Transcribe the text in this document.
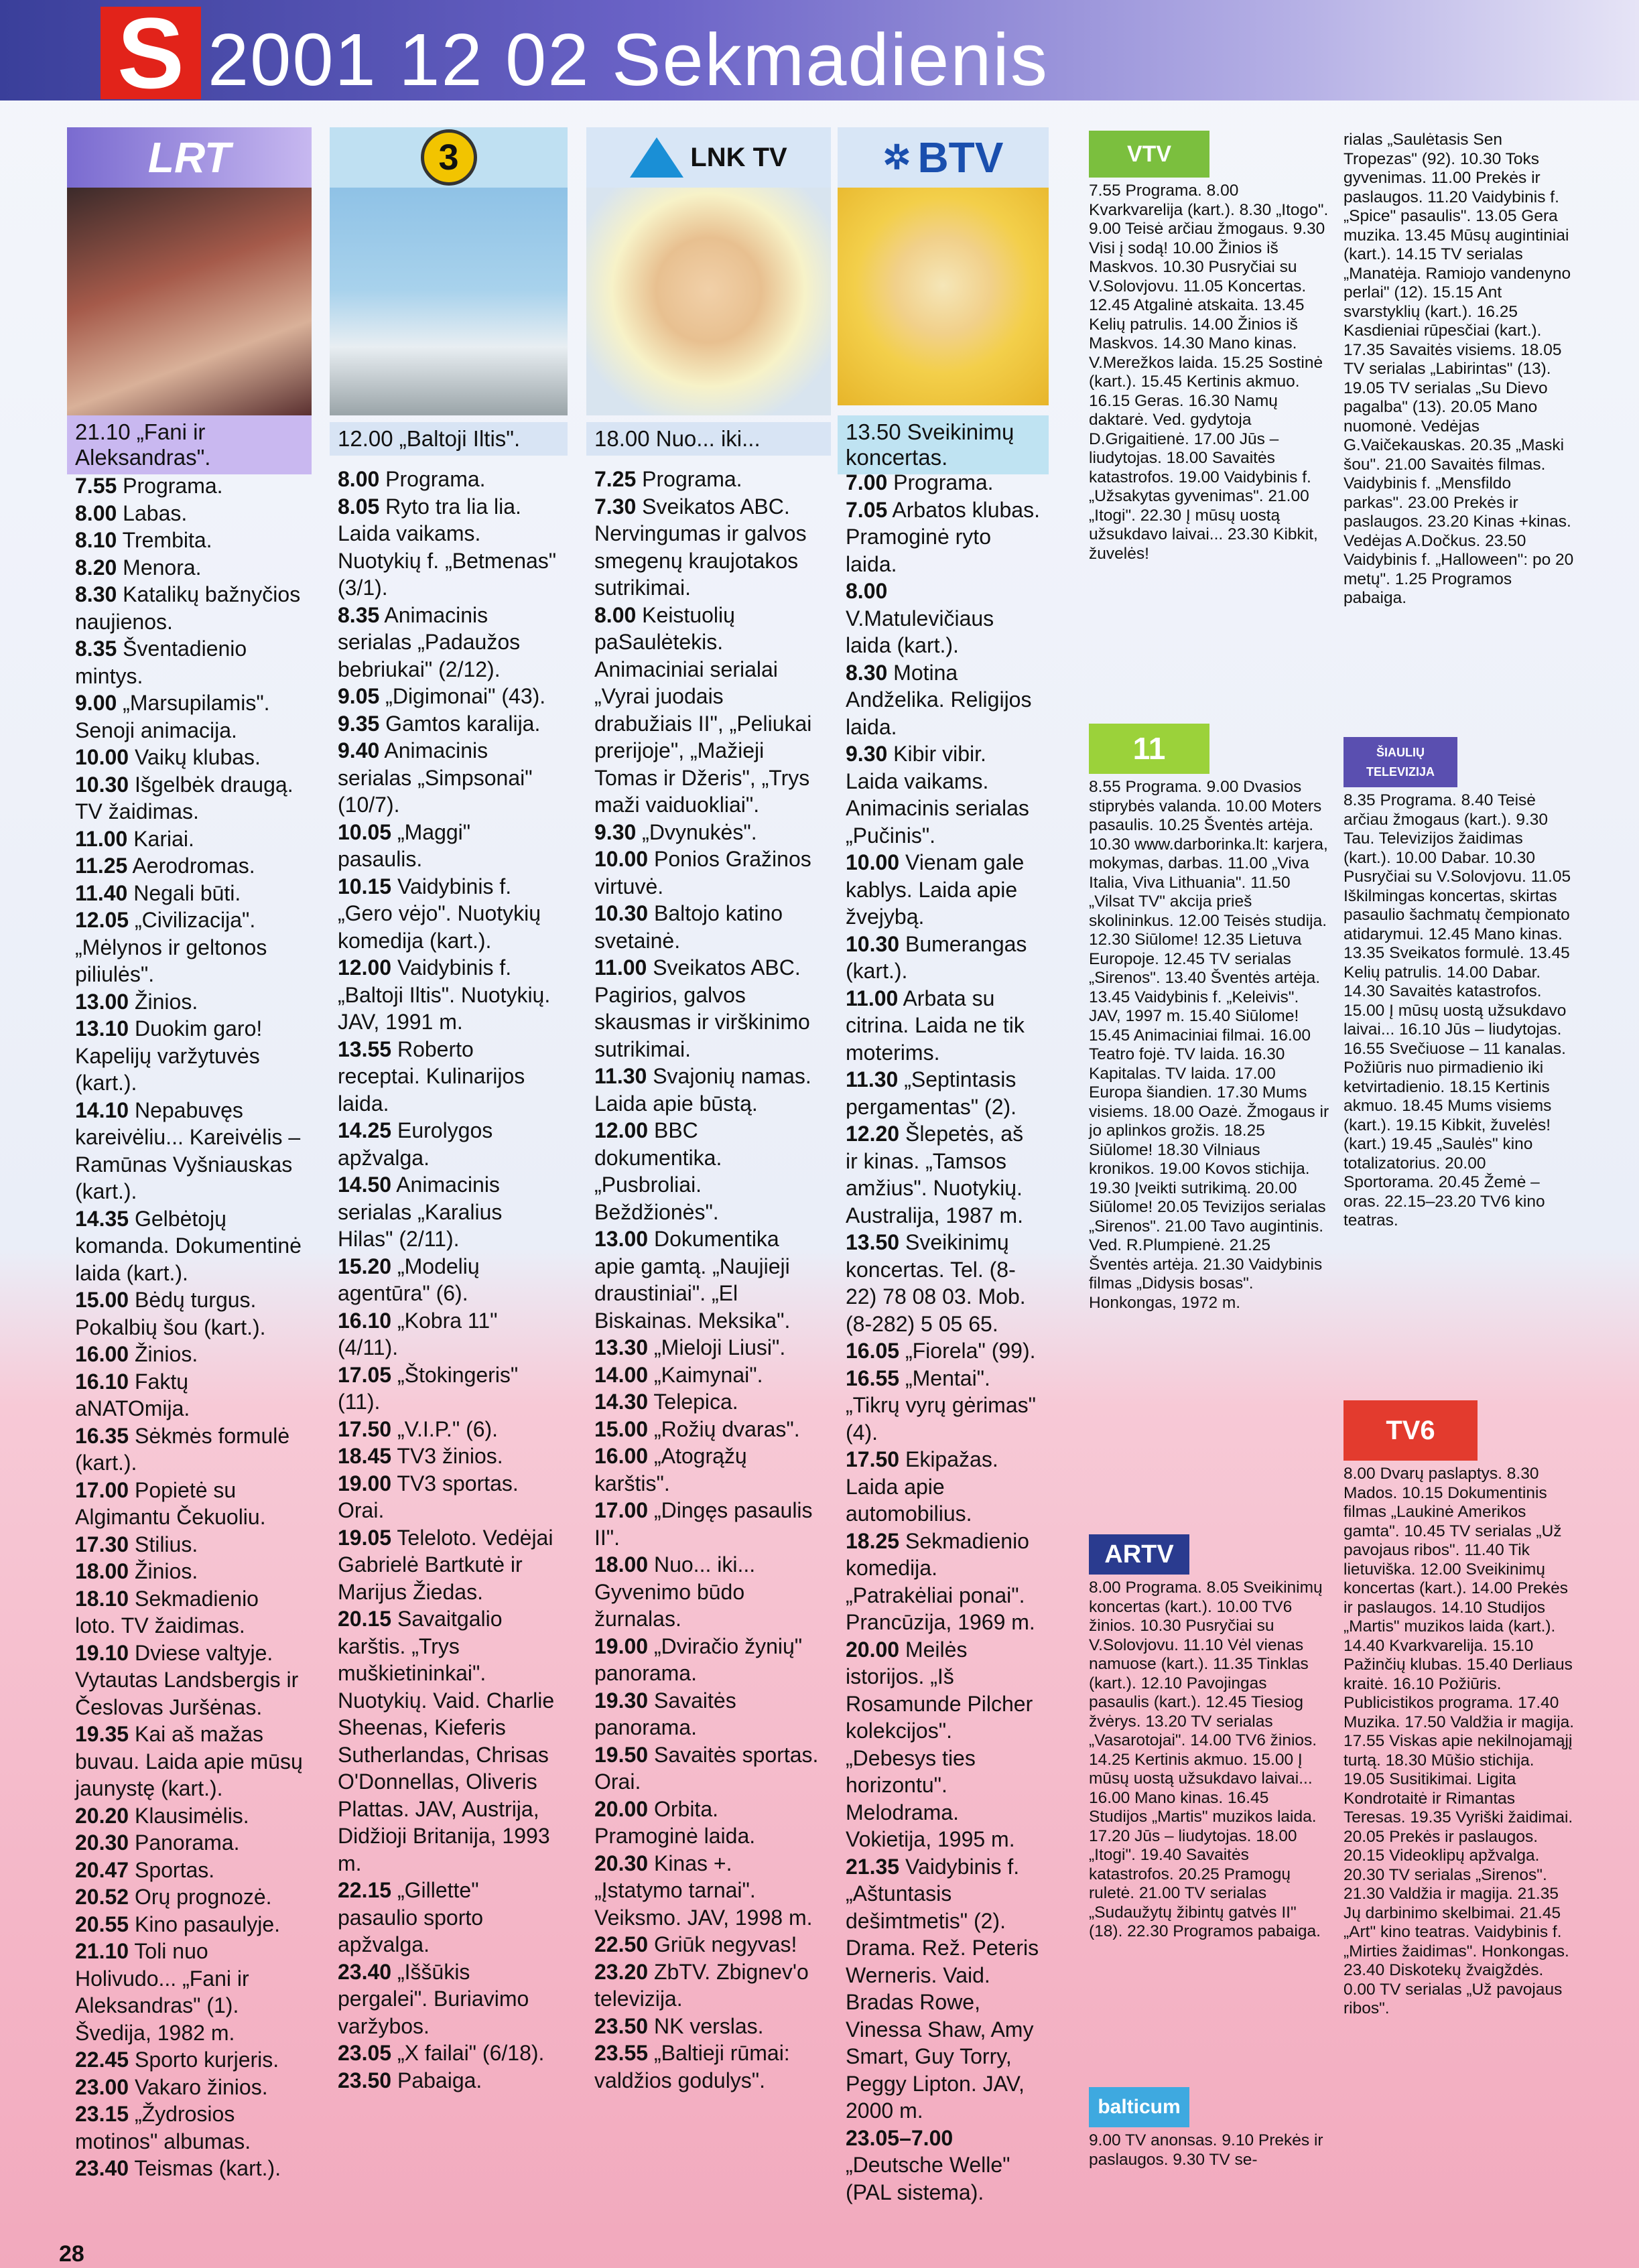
S 2001 12 02 Sekmadienis
LRT
21.10 „Fani ir Aleksandras".
7.55 Programa.
8.00 Labas.
8.10 Trembita.
8.20 Menora.
8.30 Katalikų bažnyčios naujienos.
8.35 Šventadienio mintys.
9.00 „Marsupilamis". Senoji animacija.
10.00 Vaikų klubas.
10.30 Išgelbėk draugą. TV žaidimas.
11.00 Kariai.
11.25 Aerodromas.
11.40 Negali būti.
12.05 „Civilizacija". „Mėlynos ir geltonos piliulės".
13.00 Žinios.
13.10 Duokim garo! Kapelijų varžytuvės (kart.).
14.10 Nepabuvęs kareivėliu... Kareivėlis – Ramūnas Vyšniauskas (kart.).
14.35 Gelbėtojų komanda. Dokumentinė laida (kart.).
15.00 Bėdų turgus. Pokalbių šou (kart.).
16.00 Žinios.
16.10 Faktų aNATOmija.
16.35 Sėkmės formulė (kart.).
17.00 Popietė su Algimantu Čekuoliu.
17.30 Stilius.
18.00 Žinios.
18.10 Sekmadienio loto. TV žaidimas.
19.10 Dviese valtyje. Vytautas Landsbergis ir Česlovas Juršėnas.
19.35 Kai aš mažas buvau. Laida apie mūsų jaunystę (kart.).
20.20 Klausimėlis.
20.30 Panorama.
20.47 Sportas.
20.52 Orų prognozė.
20.55 Kino pasaulyje.
21.10 Toli nuo Holivudo... „Fani ir Aleksandras" (1). Švedija, 1982 m.
22.45 Sporto kurjeris.
23.00 Vakaro žinios.
23.15 „Žydrosios motinos" albumas.
23.40 Teismas (kart.).
3
12.00 „Baltoji Iltis".
8.00 Programa.
8.05 Ryto tra lia lia. Laida vaikams. Nuotykių f. „Betmenas" (3/1).
8.35 Animacinis serialas „Padaužos bebriukai" (2/12).
9.05 „Digimonai" (43).
9.35 Gamtos karalija.
9.40 Animacinis serialas „Simpsonai" (10/7).
10.05 „Maggi" pasaulis.
10.15 Vaidybinis f. „Gero vėjo". Nuotykių komedija (kart.).
12.00 Vaidybinis f. „Baltoji Iltis". Nuotykių. JAV, 1991 m.
13.55 Roberto receptai. Kulinarijos laida.
14.25 Eurolygos apžvalga.
14.50 Animacinis serialas „Karalius Hilas" (2/11).
15.20 „Modelių agentūra" (6).
16.10 „Kobra 11" (4/11).
17.05 „Štokingeris" (11).
17.50 „V.I.P." (6).
18.45 TV3 žinios.
19.00 TV3 sportas. Orai.
19.05 Teleloto. Vedėjai Gabrielė Bartkutė ir Marijus Žiedas.
20.15 Savaitgalio karštis. „Trys muškietininkai". Nuotykių. Vaid. Charlie Sheenas, Kieferis Sutherlandas, Chrisas O'Donnellas, Oliveris Plattas. JAV, Austrija, Didžioji Britanija, 1993 m.
22.15 „Gillette" pasaulio sporto apžvalga.
23.40 „Iššūkis pergalei". Buriavimo varžybos.
23.05 „X failai" (6/18).
23.50 Pabaiga.
LNK TV
18.00 Nuo... iki...
7.25 Programa.
7.30 Sveikatos ABC. Nervingumas ir galvos smegenų kraujotakos sutrikimai.
8.00 Keistuolių paSaulėtekis. Animaciniai serialai „Vyrai juodais drabužiais II", „Peliukai prerijoje", „Mažieji Tomas ir Džeris", „Trys maži vaiduokliai".
9.30 „Dvynukės".
10.00 Ponios Gražinos virtuvė.
10.30 Baltojo katino svetainė.
11.00 Sveikatos ABC. Pagirios, galvos skausmas ir virškinimo sutrikimai.
11.30 Svajonių namas. Laida apie būstą.
12.00 BBC dokumentika. „Pusbroliai. Beždžionės".
13.00 Dokumentika apie gamtą. „Naujieji draustiniai". „El Biskainas. Meksika".
13.30 „Mieloji Liusi".
14.00 „Kaimynai".
14.30 Telepica.
15.00 „Rožių dvaras".
16.00 „Atogrąžų karštis".
17.00 „Dingęs pasaulis II".
18.00 Nuo... iki... Gyvenimo būdo žurnalas.
19.00 „Dviračio žynių" panorama.
19.30 Savaitės panorama.
19.50 Savaitės sportas. Orai.
20.00 Orbita. Pramoginė laida.
20.30 Kinas +. „Įstatymo tarnai". Veiksmo. JAV, 1998 m.
22.50 Griūk negyvas!
23.20 ZbTV. Zbignev'o televizija.
23.50 NK verslas.
23.55 „Baltieji rūmai: valdžios godulys".
✲ BTV
13.50 Sveikinimų koncertas.
7.00 Programa.
7.05 Arbatos klubas. Pramoginė ryto laida.
8.00 V.Matulevičiaus laida (kart.).
8.30 Motina Andželika. Religijos laida.
9.30 Kibir vibir. Laida vaikams. Animacinis serialas „Pučinis".
10.00 Vienam gale kablys. Laida apie žvejybą.
10.30 Bumerangas (kart.).
11.00 Arbata su citrina. Laida ne tik moterims.
11.30 „Septintasis pergamentas" (2).
12.20 Šlepetės, aš ir kinas. „Tamsos amžius". Nuotykių. Australija, 1987 m.
13.50 Sveikinimų koncertas. Tel. (8-22) 78 08 03. Mob. (8-282) 5 05 65.
16.05 „Fiorela" (99).
16.55 „Mentai". „Tikrų vyrų gėrimas" (4).
17.50 Ekipažas. Laida apie automobilius.
18.25 Sekmadienio komedija. „Patrakėliai ponai". Prancūzija, 1969 m.
20.00 Meilės istorijos. „Iš Rosamunde Pilcher kolekcijos". „Debesys ties horizontu". Melodrama. Vokietija, 1995 m.
21.35 Vaidybinis f. „Aštuntasis dešimtmetis" (2). Drama. Rež. Peteris Werneris. Vaid. Bradas Rowe, Vinessa Shaw, Amy Smart, Guy Torry, Peggy Lipton. JAV, 2000 m.
23.05–7.00 „Deutsche Welle" (PAL sistema).
VTV
7.55 Programa. 8.00 Kvarkvarelija (kart.). 8.30 „Itogo". 9.00 Teisė arčiau žmogaus. 9.30 Visi į sodą! 10.00 Žinios iš Maskvos. 10.30 Pusryčiai su V.Solovjovu. 11.05 Koncertas. 12.45 Atgalinė atskaita. 13.45 Kelių patrulis. 14.00 Žinios iš Maskvos. 14.30 Mano kinas. V.Merežkos laida. 15.25 Sostinė (kart.). 15.45 Kertinis akmuo. 16.15 Geras. 16.30 Namų daktarė. Ved. gydytoja D.Grigaitienė. 17.00 Jūs – liudytojas. 18.00 Savaitės katastrofos. 19.00 Vaidybinis f. „Užsakytas gyvenimas". 21.00 „Itogi". 22.30 Į mūsų uostą užsukdavo laivai... 23.30 Kibkit, žuvelės!
11
8.55 Programa. 9.00 Dvasios stiprybės valanda. 10.00 Moters pasaulis. 10.25 Šventės artėja. 10.30 www.darborinka.lt: karjera, mokymas, darbas. 11.00 „Viva Italia, Viva Lithuania". 11.50 „Vilsat TV" akcija prieš skolininkus. 12.00 Teisės studija. 12.30 Siūlome! 12.35 Lietuva Europoje. 12.45 TV serialas „Sirenos". 13.40 Šventės artėja. 13.45 Vaidybinis f. „Keleivis". JAV, 1997 m. 15.40 Siūlome! 15.45 Animaciniai filmai. 16.00 Teatro fojė. TV laida. 16.30 Kapitalas. TV laida. 17.00 Europa šiandien. 17.30 Mums visiems. 18.00 Oazė. Žmogaus ir jo aplinkos grožis. 18.25 Siūlome! 18.30 Vilniaus kronikos. 19.00 Kovos stichija. 19.30 Įveikti sutrikimą. 20.00 Siūlome! 20.05 Tevizijos serialas „Sirenos". 21.00 Tavo augintinis. Ved. R.Plumpienė. 21.25 Šventės artėja. 21.30 Vaidybinis filmas „Didysis bosas". Honkongas, 1972 m.
ARTV
8.00 Programa. 8.05 Sveikinimų koncertas (kart.). 10.00 TV6 žinios. 10.30 Pusryčiai su V.Solovjovu. 11.10 Vėl vienas namuose (kart.). 11.35 Tinklas (kart.). 12.10 Pavojingas pasaulis (kart.). 12.45 Tiesiog žvėrys. 13.20 TV serialas „Vasarotojai". 14.00 TV6 žinios. 14.25 Kertinis akmuo. 15.00 Į mūsų uostą užsukdavo laivai... 16.00 Mano kinas. 16.45 Studijos „Martis" muzikos laida. 17.20 Jūs – liudytojas. 18.00 „Itogi". 19.40 Savaitės katastrofos. 20.25 Pramogų ruletė. 21.00 TV serialas „Sudaužytų žibintų gatvės II" (18). 22.30 Programos pabaiga.
balticum
9.00 TV anonsas. 9.10 Prekės ir paslaugos. 9.30 TV se-
rialas „Saulėtasis Sen Tropezas" (92). 10.30 Toks gyvenimas. 11.00 Prekės ir paslaugos. 11.20 Vaidybinis f. „Spice" pasaulis". 13.05 Gera muzika. 13.45 Mūsų augintiniai (kart.). 14.15 TV serialas „Manatėja. Ramiojo vandenyno perlai" (12). 15.15 Ant svarstyklių (kart.). 16.25 Kasdieniai rūpesčiai (kart.). 17.35 Savaitės visiems. 18.05 TV serialas „Labirintas" (13). 19.05 TV serialas „Su Dievo pagalba" (13). 20.05 Mano nuomonė. Vedėjas G.Vaičekauskas. 20.35 „Maski šou". 21.00 Savaitės filmas. Vaidybinis f. „Mensfildo parkas". 23.00 Prekės ir paslaugos. 23.20 Kinas +kinas. Vedėjas A.Dočkus. 23.50 Vaidybinis f. „Halloween": po 20 metų". 1.25 Programos pabaiga.
ŠIAULIŲ TELEVIZIJA
8.35 Programa. 8.40 Teisė arčiau žmogaus (kart.). 9.30 Tau. Televizijos žaidimas (kart.). 10.00 Dabar. 10.30 Pusryčiai su V.Solovjovu. 11.05 Iškilmingas koncertas, skirtas pasaulio šachmatų čempionato atidarymui. 12.45 Mano kinas. 13.35 Sveikatos formulė. 13.45 Kelių patrulis. 14.00 Dabar. 14.30 Savaitės katastrofos. 15.00 Į mūsų uostą užsukdavo laivai... 16.10 Jūs – liudytojas. 16.55 Svečiuose – 11 kanalas. Požiūris nuo pirmadienio iki ketvirtadienio. 18.15 Kertinis akmuo. 18.45 Mums visiems (kart.). 19.15 Kibkit, žuvelės! (kart.) 19.45 „Saulės" kino totalizatorius. 20.00 Sportorama. 20.45 Žemė – oras. 22.15–23.20 TV6 kino teatras.
TV6
8.00 Dvarų paslaptys. 8.30 Mados. 10.15 Dokumentinis filmas „Laukinė Amerikos gamta". 10.45 TV serialas „Už pavojaus ribos". 11.40 Tik lietuviška. 12.00 Sveikinimų koncertas (kart.). 14.00 Prekės ir paslaugos. 14.10 Studijos „Martis" muzikos laida (kart.). 14.40 Kvarkvarelija. 15.10 Pažinčių klubas. 15.40 Derliaus kraitė. 16.10 Požiūris. Publicistikos programa. 17.40 Muzika. 17.50 Valdžia ir magija. 17.55 Viskas apie nekilnojamąjį turtą. 18.30 Mūšio stichija. 19.05 Susitikimai. Ligita Kondrotaitė ir Rimantas Teresas. 19.35 Vyriški žaidimai. 20.05 Prekės ir paslaugos. 20.15 Videoklipų apžvalga. 20.30 TV serialas „Sirenos". 21.30 Valdžia ir magija. 21.35 Jų darbinimo skelbimai. 21.45 „Art" kino teatras. Vaidybinis f. „Mirties žaidimas". Honkongas. 23.40 Diskotekų žvaigždės. 0.00 TV serialas „Už pavojaus ribos".
28
